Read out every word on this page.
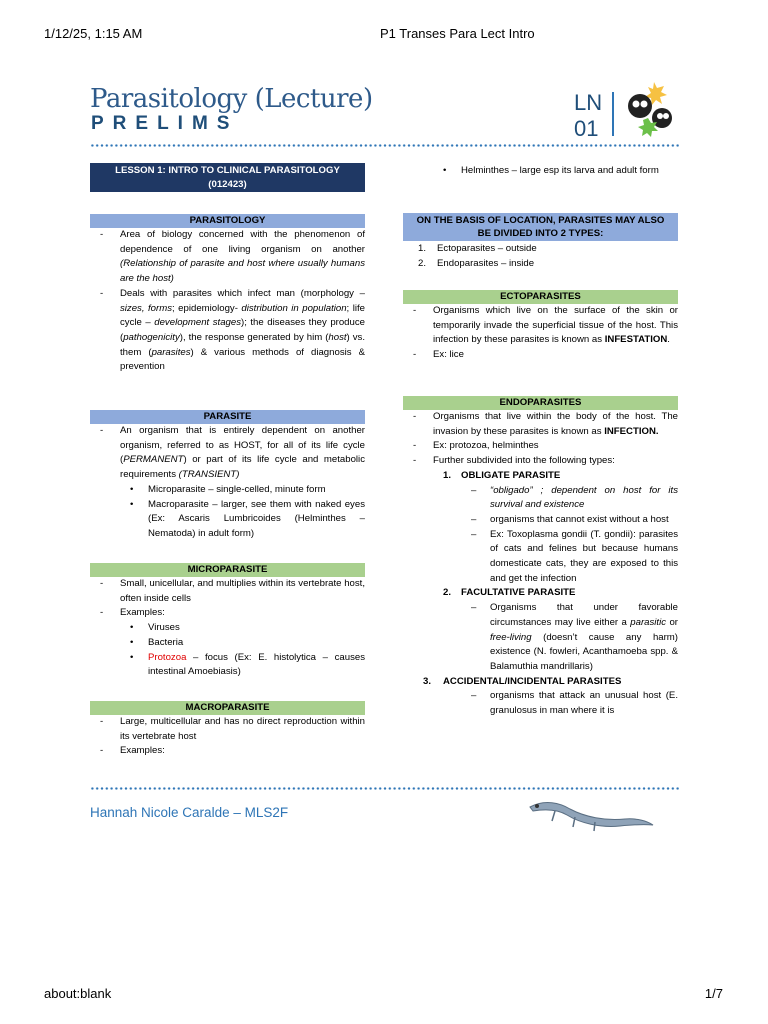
1/12/25, 1:15 AM	P1 Transes Para Lect Intro
about:blank	1/7
Parasitology (Lecture)
PRELIMS
LN
01
LESSON 1: INTRO TO CLINICAL PARASITOLOGY
(012423)
PARASITOLOGY
- Area of biology concerned with the phenomenon of dependence of one living organism on another (Relationship of parasite and host where usually humans are the host)
- Deals with parasites which infect man (morphology – sizes, forms; epidemiology- distribution in population; life cycle – development stages); the diseases they produce (pathogenicity), the response generated by him (host) vs. them (parasites) & various methods of diagnosis & prevention
PARASITE
- An organism that is entirely dependent on another organism, referred to as HOST, for all of its life cycle (PERMANENT) or part of its life cycle and metabolic requirements (TRANSIENT)
• Microparasite – single-celled, minute form
• Macroparasite – larger, see them with naked eyes (Ex: Ascaris Lumbricoides (Helminthes – Nematoda) in adult form)
MICROPARASITE
- Small, unicellular, and multiplies within its vertebrate host, often inside cells
- Examples:
• Viruses
• Bacteria
• Protozoa – focus (Ex: E. histolytica – causes intestinal Amoebiasis)
MACROPARASITE
- Large, multicellular and has no direct reproduction within its vertebrate host
- Examples:
• Helminthes – large esp its larva and adult form
ON THE BASIS OF LOCATION, PARASITES MAY ALSO
BE DIVIDED INTO 2 TYPES:
1. Ectoparasites – outside
2. Endoparasites – inside
ECTOPARASITES
- Organisms which live on the surface of the skin or temporarily invade the superficial tissue of the host. This infection by these parasites is known as INFESTATION.
- Ex: lice
ENDOPARASITES
- Organisms that live within the body of the host. The invasion by these parasites is known as INFECTION.
- Ex: protozoa, helminthes
- Further subdivided into the following types:
1. OBLIGATE PARASITE
– “obligado” ; dependent on host for its survival and existence
– organisms that cannot exist without a host
– Ex: Toxoplasma gondii (T. gondii): parasites of cats and felines but because humans domesticate cats, they are exposed to this and get the infection
2. FACULTATIVE PARASITE
– Organisms that under favorable circumstances may live either a parasitic or free-living (doesn’t cause any harm) existence (N. fowleri, Acanthamoeba spp. & Balamuthia mandrillaris)
3. ACCIDENTAL/INCIDENTAL PARASITES
– organisms that attack an unusual host (E. granulosus in man where it is
Hannah Nicole Caralde – MLS2F
